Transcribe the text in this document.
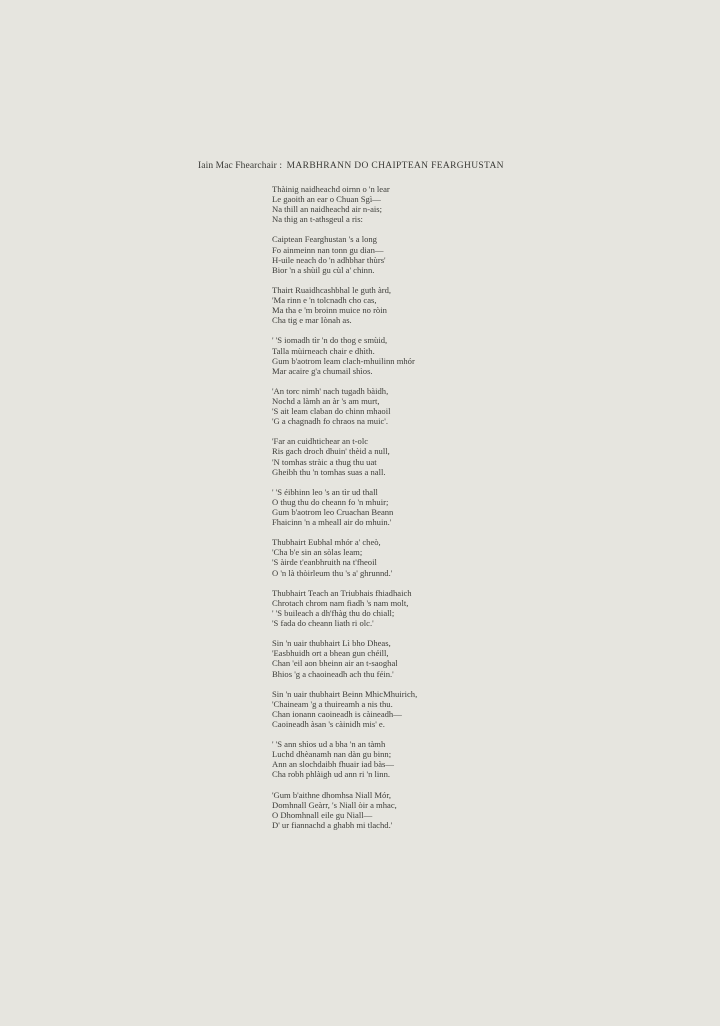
Iain Mac Fhearchair : MARBHRANN DO CHAIPTEAN FEARGHUSTAN
Thàinig naidheachd oirnn o 'n lear
Le gaoith an ear o Chuan Sgì—
Na thill an naidheachd air n-ais;
Na thig an t-athsgeul a ris:
Caiptean Fearghustan 's a long
Fo ainmeinn nan tonn gu dian—
H-uile neach do 'n adhbhar thùrs'
Bior 'n a shùil gu cùl a' chinn.
Thairt Ruaidhcashbhal le guth àrd,
'Ma rinn e 'n tolcnadh cho cas,
Ma tha e 'm broinn muice no ròin
Cha tig e mar Iònah as.
' 'S iomadh tìr 'n do thog e smùid,
Talla mùirneach chair e dhìth.
Gum b'aotrom leam clach-mhuilinn mhór
Mar acaire g'a chumail shìos.
'An torc nimh' nach tugadh bàidh,
Nochd a làmh an àr 's am murt,
'S ait leam claban do chinn mhaoil
'G a chagnadh fo chraos na muic'.
'Far an cuidhtichear an t-olc
Ris gach droch dhuin' thèid a null,
'N tomhas stràic a thug thu uat
Gheibh thu 'n tomhas suas a nall.
' 'S éibhinn leo 's an tìr ud thall
O thug thu do cheann fo 'n mhuir;
Gum b'aotrom leo Cruachan Beann
Fhaicinn 'n a mheall air do mhuin.'
Thubhairt Eubhal mhór a' cheò,
'Cha b'e sin an sòlas leam;
'S àirde t'eanbhruith na t'fheoil
O 'n là thòirleum thu 's a' ghrunnd.'
Thubhairt Teach an Triubhais fhiadhaich
Chrotach chrom nam fiadh 's nam molt,
' 'S buileach a dh'fhàg thu do chiall;
'S fada do cheann liath ri olc.'
Sin 'n uair thubhairt Lì bho Dheas,
'Easbhuidh ort a bhean gun chéill,
Chan 'eil aon bheinn air an t-saoghal
Bhios 'g a chaoineadh ach thu féin.'
Sin 'n uair thubhairt Beinn MhicMhuirich,
'Chaineam 'g a thuireamh a nis thu.
Chan ionann caoineadh is càineadh—
Caoineadh àsan 's càinidh mis' e.
' 'S ann shìos ud a bha 'n an tàmh
Luchd dhèanamh nan dàn gu binn;
Ann an slochdaibh fhuair iad bàs—
Cha robh phlàigh ud ann ri 'n linn.
'Gum b'aithne dhomhsa Niall Mór,
Domhnall Geàrr, 's Niall òir a mhac,
O Dhomhnall eile gu Niall—
D' ur fiannachd a ghabh mi tlachd.'
